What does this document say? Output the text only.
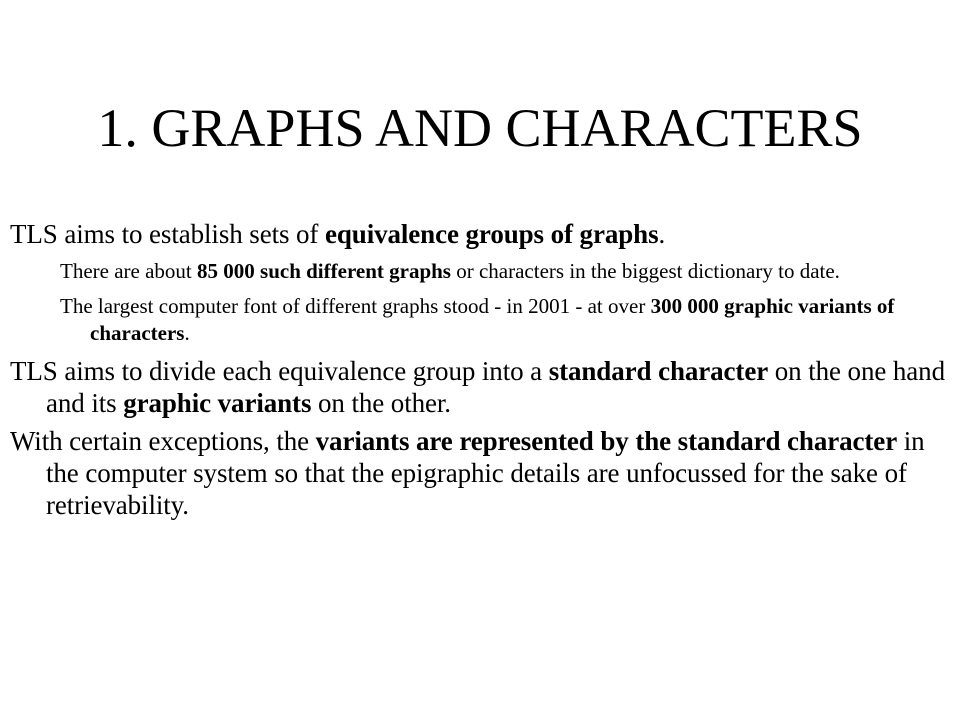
1. GRAPHS AND CHARACTERS

TLS aims to establish sets of equivalence groups of graphs.

There are about 85 000 such different graphs or characters in the biggest dictionary to date.

The largest computer font of different graphs stood - in 2001 - at over 300 000 graphic variants of characters.

TLS aims to divide each equivalence group into a standard character on the one hand and its graphic variants on the other.

With certain exceptions, the variants are represented by the standard character in the computer system so that the epigraphic details are unfocussed for the sake of retrievability.
